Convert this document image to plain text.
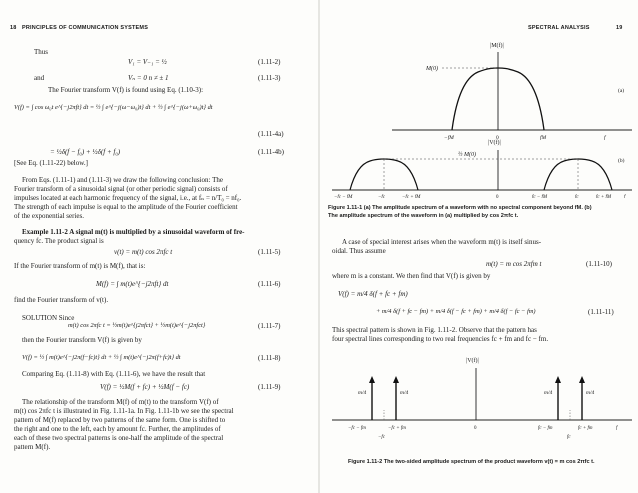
18 PRINCIPLES OF COMMUNICATION SYSTEMS
Thus
V₁ = V₋₁ = ½	(1.11-2)
and	Vₙ = 0 n ≠ ± 1	(1.11-3)
The Fourier transform V(f) is found using Eq. (1.10-3):
V(f) = ∫ cos ω₀t e^{−j2πft} dt = ½ ∫ e^{−j(ω−ω₀)t} dt + ½ ∫ e^{−j(ω+ω₀)t} dt
(1.11-4a)
= ½δ(f − f₀) + ½δ(f + f₀)	(1.11-4b)
[See Eq. (1.11-22) below.]
From Eqs. (1.11-1) and (1.11-3) we draw the following conclusion: The
Fourier transform of a sinusoidal signal (or other periodic signal) consists of
impulses located at each harmonic frequency of the signal, i.e., at fₙ = n/T₀ = nf₀.
The strength of each impulse is equal to the amplitude of the Fourier coefficient
of the exponential series.
Example 1.11-2 A signal m(t) is multiplied by a sinusoidal waveform of fre-
quency fc. The product signal is
v(t) = m(t) cos 2πfc t	(1.11-5)
If the Fourier transform of m(t) is M(f), that is:
M(f) = ∫ m(t)e^{−j2πft} dt	(1.11-6)
find the Fourier transform of v(t).
SOLUTION Since
m(t) cos 2πfc t = ½m(t)e^{j2πfct} + ½m(t)e^{−j2πfct}	(1.11-7)
then the Fourier transform V(f) is given by
V(f) = ½ ∫ m(t)e^{−j2π(f−fc)t} dt + ½ ∫ m(t)e^{−j2π(f+fc)t} dt	(1.11-8)
Comparing Eq. (1.11-8) with Eq. (1.11-6), we have the result that
V(f) = ½M(f + fc) + ½M(f − fc)	(1.11-9)
The relationship of the transform M(f) of m(t) to the transform V(f) of
m(t) cos 2πfc t is illustrated in Fig. 1.11-1a. In Fig. 1.11-1b we see the spectral
pattern of M(f) replaced by two patterns of the same form. One is shifted to
the right and one to the left, each by amount fc. Further, the amplitudes of
each of these two spectral patterns is one-half the amplitude of the spectral
pattern M(f).
SPECTRAL ANALYSIS	19
|M(f)|
M(0)
(a)
−fM	0	fM	f
|V(f)|
½ M(0)
(b)
−fc − fM	−fc	−fc + fM	0	fc − fM	fc	fc + fM	f
Figure 1.11-1 (a) The amplitude spectrum of a waveform with no spectral component beyond fM. (b)
The amplitude spectrum of the waveform in (a) multiplied by cos 2πfc t.
A case of special interest arises when the waveform m(t) is itself sinus-
oidal. Thus assume
m(t) = m cos 2πfm t	(1.11-10)
where m is a constant. We then find that V(f) is given by
V(f) = m/4 δ(f + fc + fm)
+ m/4 δ(f + fc − fm) + m/4 δ(f − fc + fm) + m/4 δ(f − fc − fm)	(1.11-11)
This spectral pattern is shown in Fig. 1.11-2. Observe that the pattern has
four spectral lines corresponding to two real frequencies fc + fm and fc − fm.
|V(f)|
m/4	m/4	m/4	m/4
−fc − fm	−fc + fm
−fc
0	fc − fm
fc
fc + fm	f
Figure 1.11-2 The two-sided amplitude spectrum of the product waveform v(t) = m cos 2πfc t.
